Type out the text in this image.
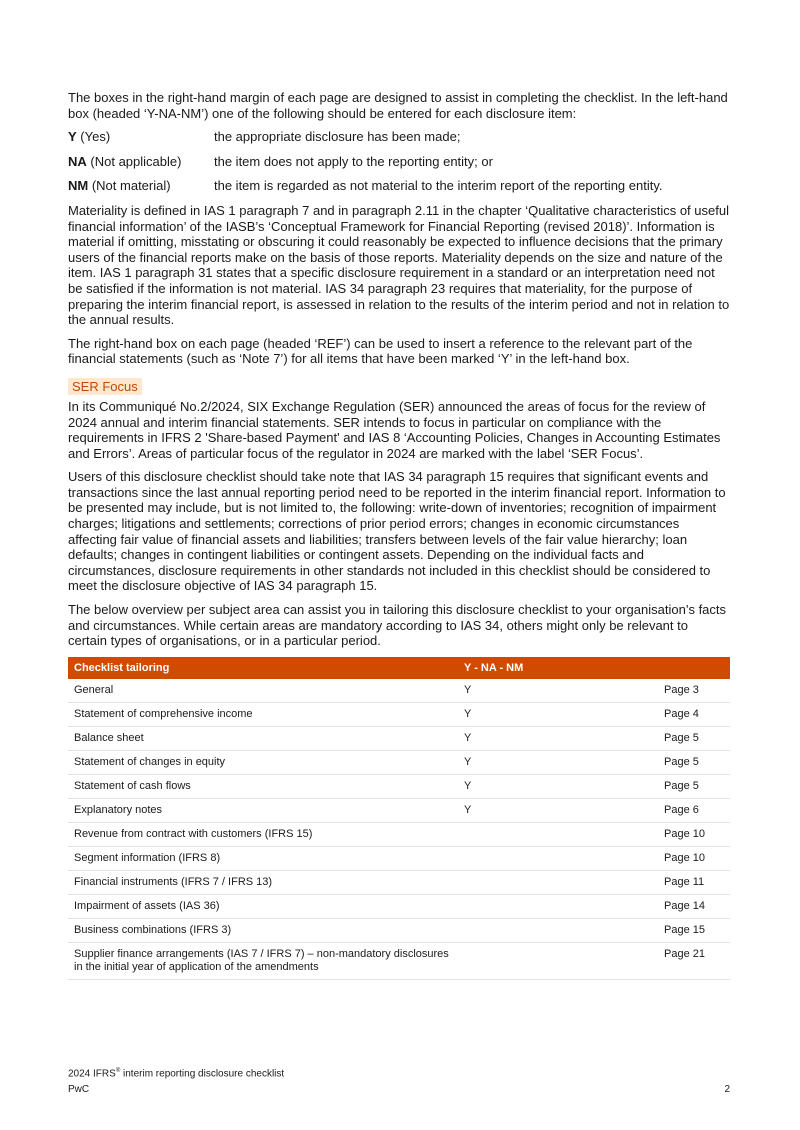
The boxes in the right-hand margin of each page are designed to assist in completing the checklist. In the left-hand box (headed ‘Y-NA-NM’) one of the following should be entered for each disclosure item:

Y (Yes)	the appropriate disclosure has been made;
NA (Not applicable)	the item does not apply to the reporting entity; or
NM (Not material)	the item is regarded as not material to the interim report of the reporting entity.

Materiality is defined in IAS 1 paragraph 7 and in paragraph 2.11 in the chapter ‘Qualitative characteristics of useful financial information’ of the IASB’s ‘Conceptual Framework for Financial Reporting (revised 2018)’. Information is material if omitting, misstating or obscuring it could reasonably be expected to influence decisions that the primary users of the financial reports make on the basis of those reports. Materiality depends on the size and nature of the item. IAS 1 paragraph 31 states that a specific disclosure requirement in a standard or an interpretation need not be satisfied if the information is not material. IAS 34 paragraph 23 requires that materiality, for the purpose of preparing the interim financial report, is assessed in relation to the results of the interim period and not in relation to the annual results.

The right-hand box on each page (headed ‘REF’) can be used to insert a reference to the relevant part of the financial statements (such as ‘Note 7’) for all items that have been marked ‘Y’ in the left-hand box.

SER Focus

In its Communiqué No.2/2024, SIX Exchange Regulation (SER) announced the areas of focus for the review of 2024 annual and interim financial statements. SER intends to focus in particular on compliance with the requirements in IFRS 2 'Share-based Payment' and IAS 8 ‘Accounting Policies, Changes in Accounting Estimates and Errors’. Areas of particular focus of the regulator in 2024 are marked with the label ‘SER Focus’.

Users of this disclosure checklist should take note that IAS 34 paragraph 15 requires that significant events and transactions since the last annual reporting period need to be reported in the interim financial report. Information to be presented may include, but is not limited to, the following: write-down of inventories; recognition of impairment charges; litigations and settlements; corrections of prior period errors; changes in economic circumstances affecting fair value of financial assets and liabilities; transfers between levels of the fair value hierarchy; loan defaults; changes in contingent liabilities or contingent assets. Depending on the individual facts and circumstances, disclosure requirements in other standards not included in this checklist should be considered to meet the disclosure objective of IAS 34 paragraph 15.

The below overview per subject area can assist you in tailoring this disclosure checklist to your organisation’s facts and circumstances. While certain areas are mandatory according to IAS 34, others might only be relevant to certain types of organisations, or in a particular period.

Checklist tailoring	Y - NA - NM	
General	Y	Page 3
Statement of comprehensive income	Y	Page 4
Balance sheet	Y	Page 5
Statement of changes in equity	Y	Page 5
Statement of cash flows	Y	Page 5
Explanatory notes	Y	Page 6
Revenue from contract with customers (IFRS 15)		Page 10
Segment information (IFRS 8)		Page 10
Financial instruments (IFRS 7 / IFRS 13)		Page 11
Impairment of assets (IAS 36)		Page 14
Business combinations (IFRS 3)		Page 15
Supplier finance arrangements (IAS 7 / IFRS 7) – non-mandatory disclosures in the initial year of application of the amendments		Page 21
2024 IFRS® interim reporting disclosure checklist
PwC	2
